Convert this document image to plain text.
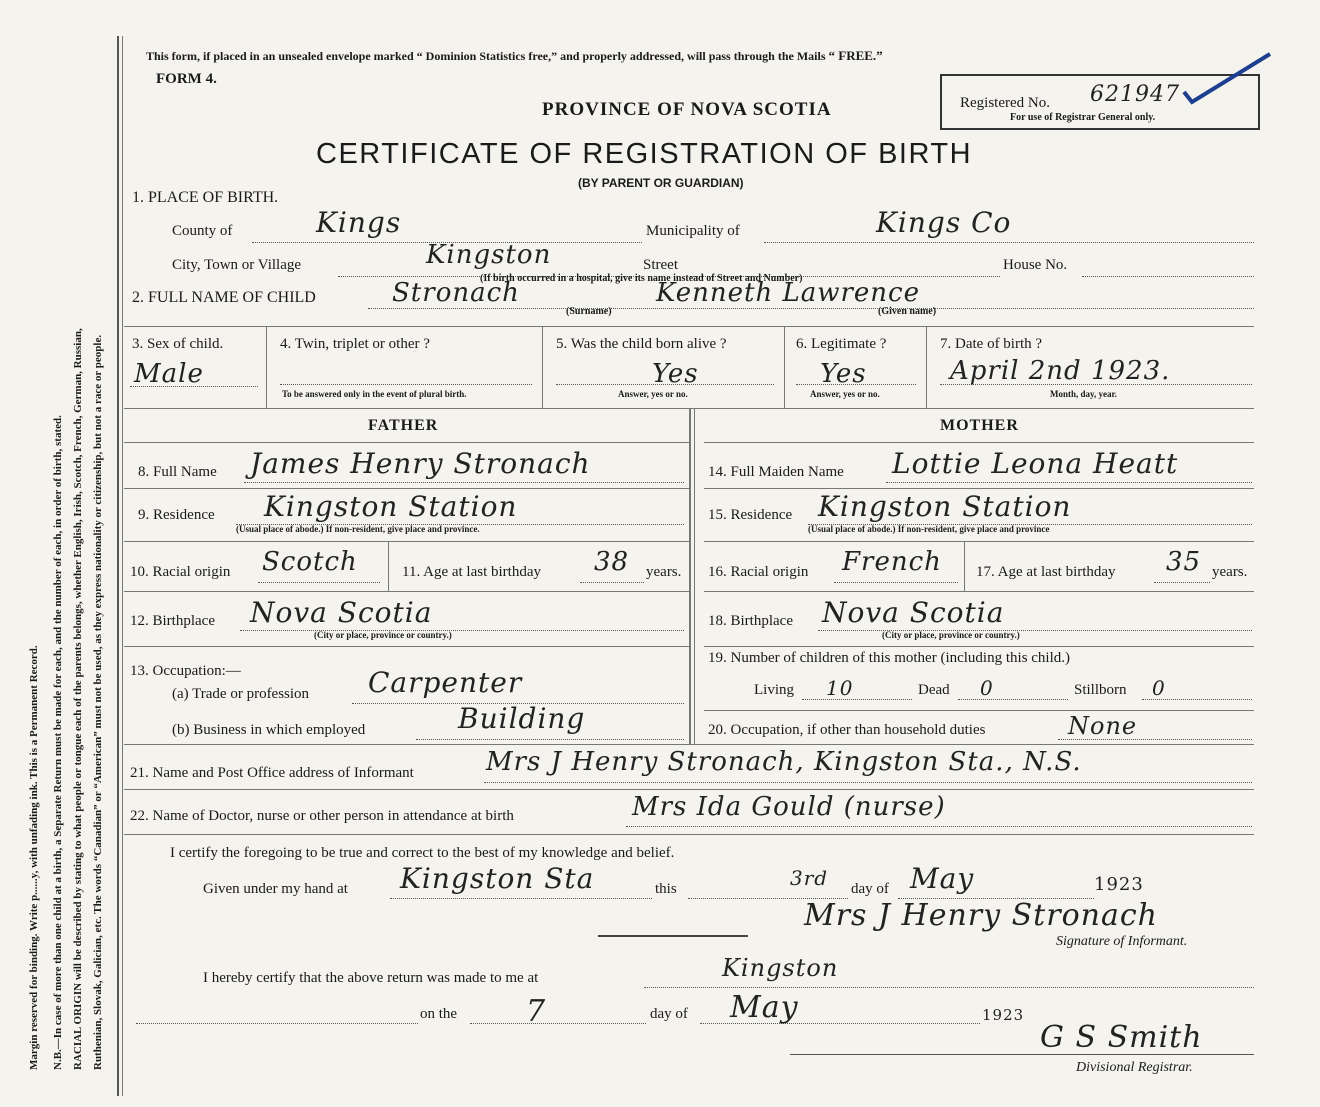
Margin reserved for binding. Write p......y, with unfading ink. This is a Permanent Record. N.B.—In case of more than one child at a birth, a Separate Return must be made for each, and the number of each, in order of birth, stated. RACIAL ORIGIN will be described by stating to what people or tongue each of the parents belongs, whether English, Irish, Scotch, French, German, Russian, Ruthenian, Slovak, Galician, etc. The words “Canadian” or “American” must not be used, as they express nationality or citizenship, but not a race or people.
This form, if placed in an unsealed envelope marked “ Dominion Statistics free,” and properly addressed, will pass through the Mails “ FREE.”
FORM 4.
PROVINCE OF NOVA SCOTIA
CERTIFICATE OF REGISTRATION OF BIRTH
(BY PARENT OR GUARDIAN)
Registered No. 621947
For use of Registrar General only.
1. PLACE OF BIRTH.
County of	Kings	Municipality of	Kings Co
City, Town or Village	Kingston	Street	House No.
(If birth occurred in a hospital, give its name instead of Street and Number)
2. FULL NAME OF CHILD	Stronach	Kenneth Lawrence
(Surname)	(Given name)
3. Sex of child.
Male
4. Twin, triplet or other ?
To be answered only in the event of plural birth.
5. Was the child born alive ?
Yes
Answer, yes or no.
6. Legitimate ?
Yes
Answer, yes or no.
7. Date of birth ?
April 2nd 1923.
Month, day, year.
FATHER	MOTHER
8. Full Name James Henry Stronach
9. Residence Kingston Station
(Usual place of abode.) If non-resident, give place and province.
10. Racial origin Scotch	11. Age at last birthday 38 years.
12. Birthplace Nova Scotia
(City or place, province or country.)
13. Occupation:—
(a) Trade or profession Carpenter
(b) Business in which employed	Building
14. Full Maiden Name Lottie Leona Heatt
15. Residence Kingston Station
(Usual place of abode.) If non-resident, give place and province
16. Racial origin French 17. Age at last birthday 35 years.
18. Birthplace Nova Scotia
(City or place, province or country.)
19. Number of children of this mother (including this child.)
Living 10	Dead 0	Stillborn 0
20. Occupation, if other than household duties	None
21. Name and Post Office address of Informant	Mrs J Henry Stronach, Kingston Sta., N.S.
22. Name of Doctor, nurse or other person in attendance at birth	Mrs Ida Gould (nurse)
I certify the foregoing to be true and correct to the best of my knowledge and belief.
Given under my hand at Kingston Sta	this	3rd day of May	1923
Mrs J Henry Stronach
Signature of Informant.
I hereby certify that the above return was made to me at	Kingston
on the 7	day of May	1923
G S Smith
Divisional Registrar.
